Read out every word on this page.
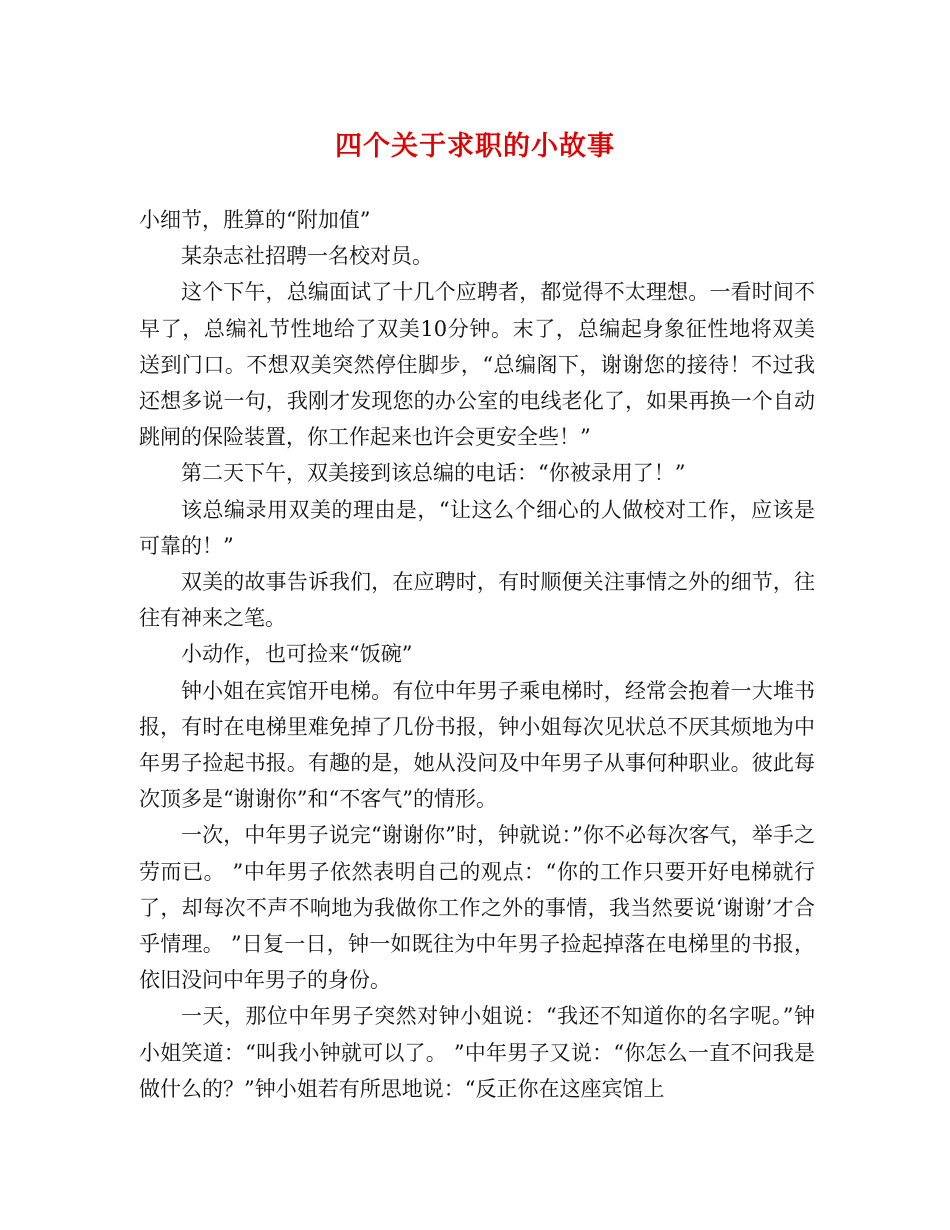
四个关于求职的小故事

小细节，胜算的“附加值”

某杂志社招聘一名校对员。

这个下午，总编面试了十几个应聘者，都觉得不太理想。一看时间不早了，总编礼节性地给了双美10分钟。末了，总编起身象征性地将双美送到门口。不想双美突然停住脚步，“总编阁下，谢谢您的接待！不过我还想多说一句，我刚才发现您的办公室的电线老化了，如果再换一个自动跳闸的保险装置，你工作起来也许会更安全些！”

第二天下午，双美接到该总编的电话：“你被录用了！”

该总编录用双美的理由是，“让这么个细心的人做校对工作，应该是可靠的！”

双美的故事告诉我们，在应聘时，有时顺便关注事情之外的细节，往往有神来之笔。

小动作，也可捡来“饭碗”

钟小姐在宾馆开电梯。有位中年男子乘电梯时，经常会抱着一大堆书报，有时在电梯里难免掉了几份书报，钟小姐每次见状总不厌其烦地为中年男子捡起书报。有趣的是，她从没问及中年男子从事何种职业。彼此每次顶多是“谢谢你”和“不客气”的情形。

一次，中年男子说完“谢谢你”时，钟就说：”你不必每次客气，举手之劳而已。 ”中年男子依然表明自己的观点：“你的工作只要开好电梯就行了，却每次不声不响地为我做你工作之外的事情，我当然要说‘谢谢’才合乎情理。 ”日复一日，钟一如既往为中年男子捡起掉落在电梯里的书报，依旧没问中年男子的身份。

一天，那位中年男子突然对钟小姐说：“我还不知道你的名字呢。”钟小姐笑道：“叫我小钟就可以了。 ”中年男子又说：“你怎么一直不问我是做什么的？”钟小姐若有所思地说：“反正你在这座宾馆上
